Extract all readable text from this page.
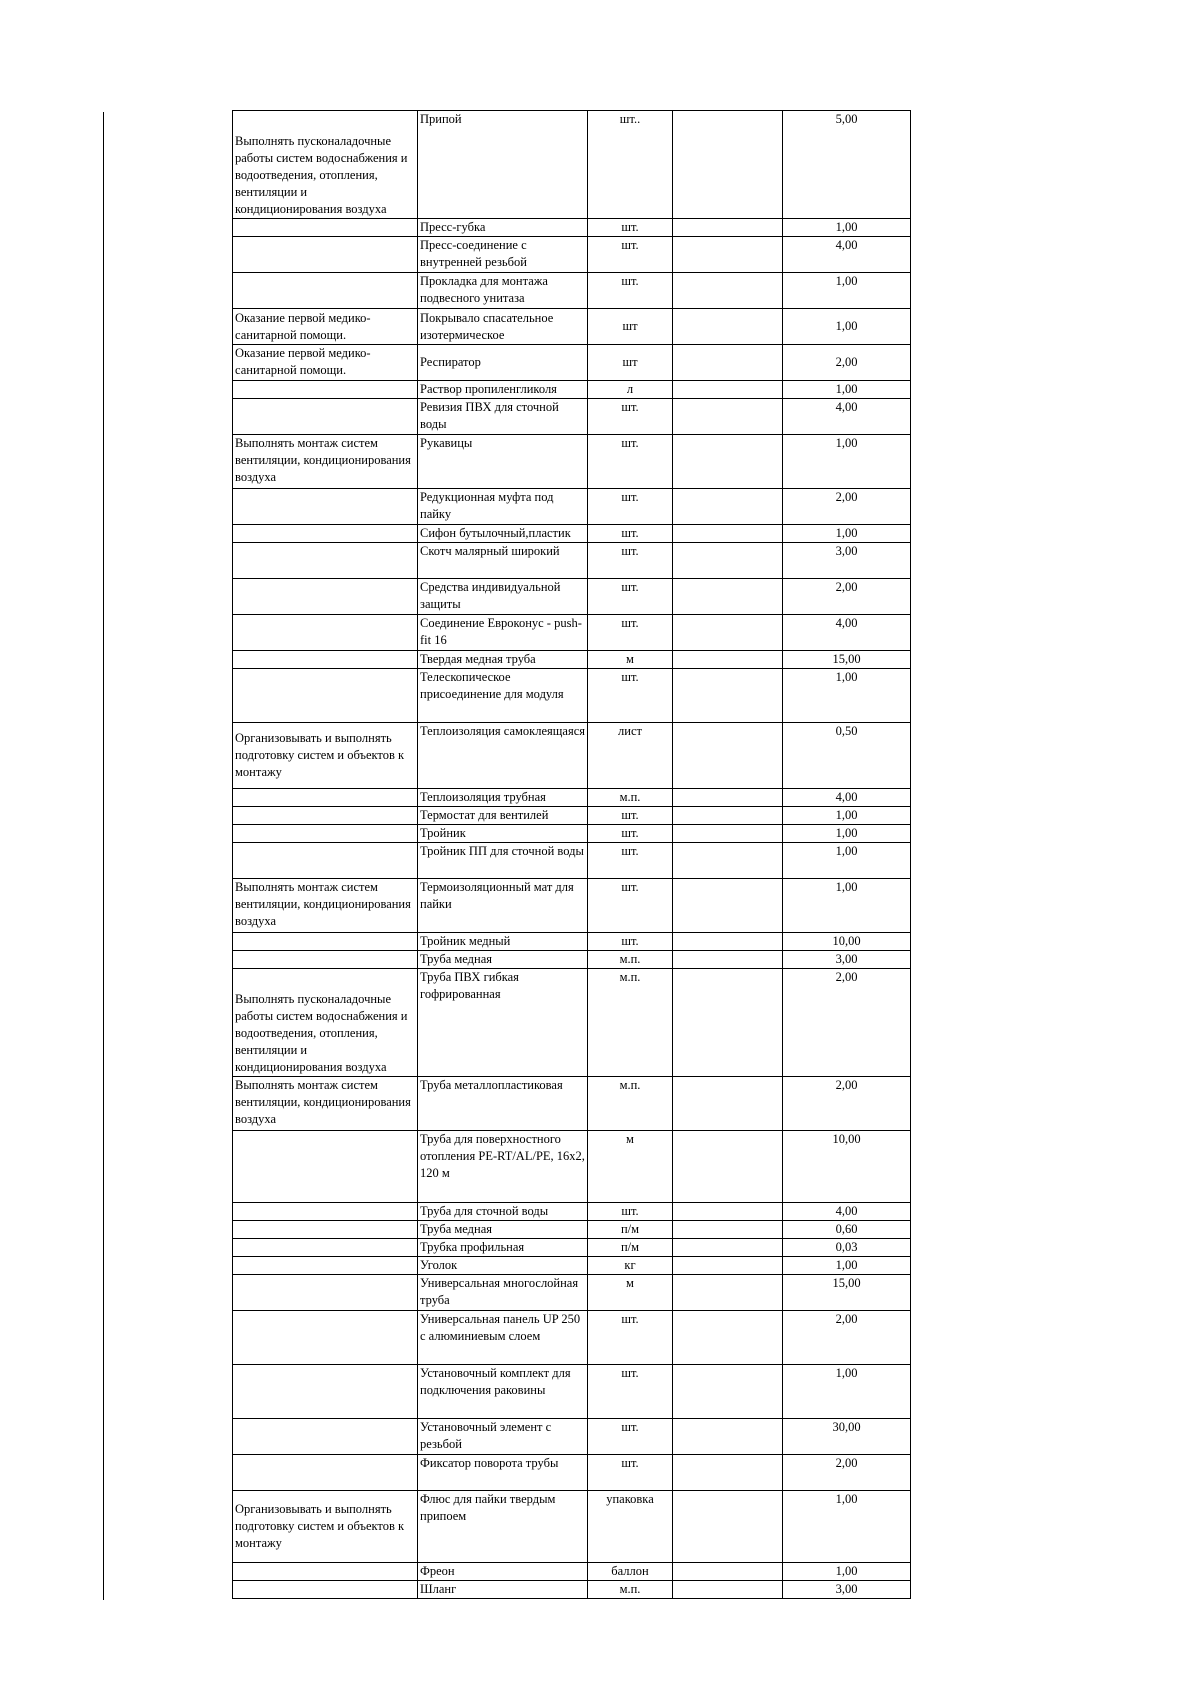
Выполнять пусконаладочные работы систем водоснабжения и водоотведения, отопления, вентиляции и кондиционирования воздуха	Припой	шт..		5,00
	Пресс-губка	шт.		1,00
	Пресс-соединение с внутренней резьбой	шт.		4,00
	Прокладка для монтажа подвесного унитаза	шт.		1,00
Оказание первой медико-санитарной помощи.	Покрывало спасательное изотермическое	шт		1,00
Оказание первой медико-санитарной помощи.	Респиратор	шт		2,00
	Раствор пропиленгликоля	л		1,00
	Ревизия ПВХ для сточной воды	шт.		4,00
Выполнять монтаж систем вентиляции, кондиционирования воздуха	Рукавицы	шт.		1,00
	Редукционная муфта под пайку	шт.		2,00
	Сифон бутылочный,пластик	шт.		1,00
	Скотч малярный широкий	шт.		3,00
	Средства индивидуальной защиты	шт.		2,00
	Соединение Евроконус - push-fit 16	шт.		4,00
	Твердая медная труба	м		15,00
	Телескопическое присоединение для модуля	шт.		1,00
Организовывать и выполнять подготовку систем и объектов к монтажу	Теплоизоляция самоклеящаяся	лист		0,50
	Теплоизоляция трубная	м.п.		4,00
	Термостат для вентилей	шт.		1,00
	Тройник	шт.		1,00
	Тройник ПП для сточной воды	шт.		1,00
Выполнять монтаж систем вентиляции, кондиционирования воздуха	Термоизоляционный мат для пайки	шт.		1,00
	Тройник медный	шт.		10,00
	Труба медная	м.п.		3,00
Выполнять пусконаладочные работы систем водоснабжения и водоотведения, отопления, вентиляции и кондиционирования воздуха	Труба ПВХ гибкая гофрированная	м.п.		2,00
Выполнять монтаж систем вентиляции, кондиционирования воздуха	Труба металлопластиковая	м.п.		2,00
	Труба для поверхностного отопления PE-RT/AL/PE, 16x2, 120 м	м		10,00
	Труба для сточной воды	шт.		4,00
	Труба медная	п/м		0,60
	Трубка профильная	п/м		0,03
	Уголок	кг		1,00
	Универсальная многослойная труба	м		15,00
	Универсальная панель UP 250 с алюминиевым слоем	шт.		2,00
	Установочный комплект для подключения раковины	шт.		1,00
	Установочный элемент с резьбой	шт.		30,00
	Фиксатор поворота трубы	шт.		2,00
Организовывать и выполнять подготовку систем и объектов к монтажу	Флюс для пайки твердым припоем	упаковка		1,00
	Фреон	баллон		1,00
	Шланг	м.п.		3,00
